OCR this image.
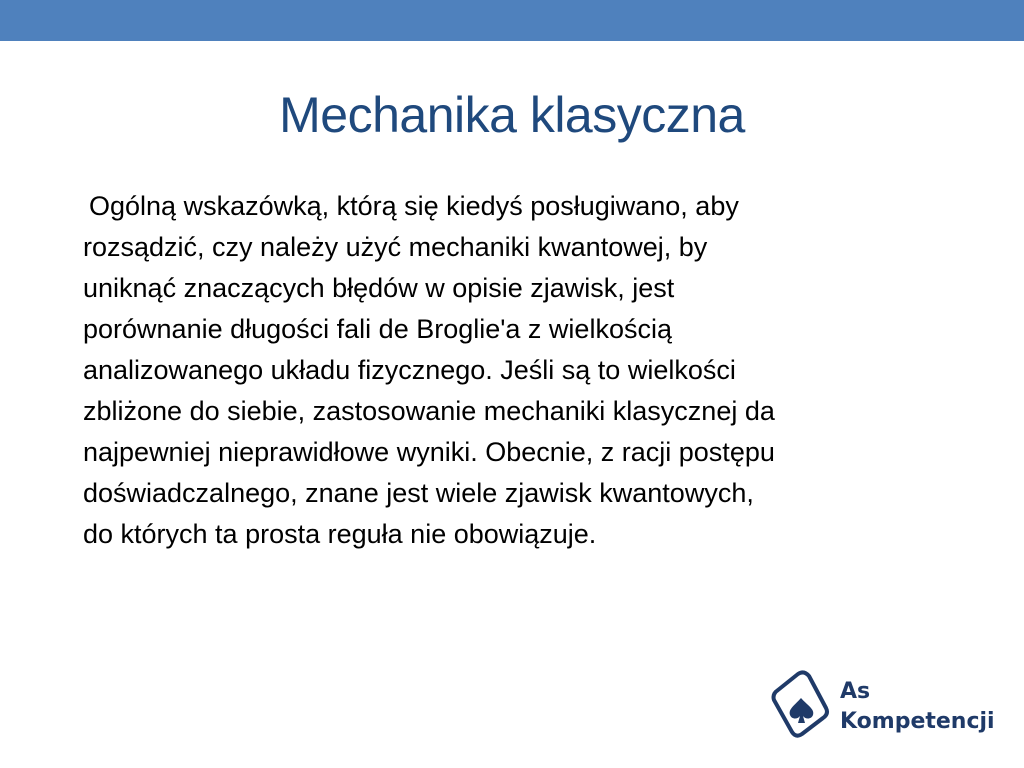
Mechanika klasyczna
Ogólną wskazówką, którą się kiedyś posługiwano, aby
rozsądzić, czy należy użyć mechaniki kwantowej, by
uniknąć znaczących błędów w opisie zjawisk, jest
porównanie długości fali de Broglie'a z wielkością
analizowanego układu fizycznego. Jeśli są to wielkości
zbliżone do siebie, zastosowanie mechaniki klasycznej da
najpewniej nieprawidłowe wyniki. Obecnie, z racji postępu
doświadczalnego, znane jest wiele zjawisk kwantowych,
do których ta prosta reguła nie obowiązuje.
As
Kompetencji
